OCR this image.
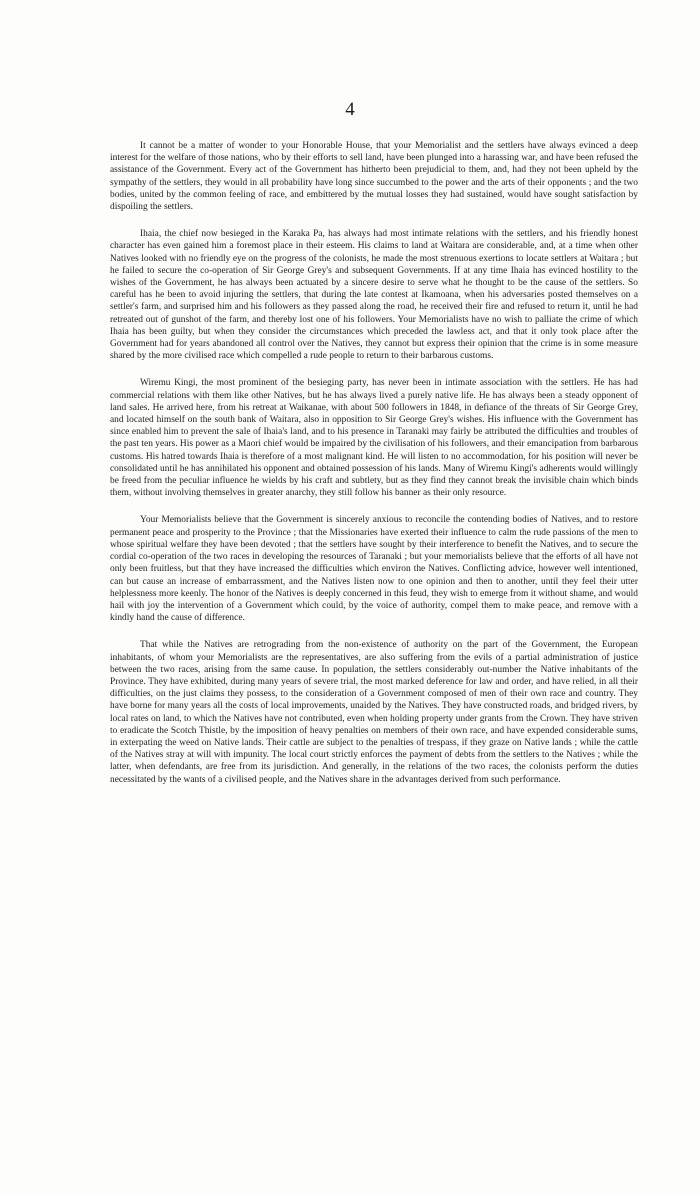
4

It cannot be a matter of wonder to your Honorable House, that your Memorialist and the settlers have always evinced a deep interest for the welfare of those nations, who by their efforts to sell land, have been plunged into a harassing war, and have been refused the assistance of the Government. Every act of the Government has hitherto been prejudicial to them, and, had they not been upheld by the sympathy of the settlers, they would in all probability have long since succumbed to the power and the arts of their opponents ; and the two bodies, united by the common feeling of race, and embittered by the mutual losses they had sustained, would have sought satisfaction by dispoiling the settlers.

Ihaia, the chief now besieged in the Karaka Pa, has always had most intimate relations with the settlers, and his friendly honest character has even gained him a foremost place in their esteem. His claims to land at Waitara are considerable, and, at a time when other Natives looked with no friendly eye on the progress of the colonists, he made the most strenuous exertions to locate settlers at Waitara ; but he failed to secure the co-operation of Sir George Grey's and subsequent Governments. If at any time Ihaia has evinced hostility to the wishes of the Government, he has always been actuated by a sincere desire to serve what he thought to be the cause of the settlers. So careful has he been to avoid injuring the settlers, that during the late contest at Ikamoana, when his adversaries posted themselves on a settler's farm, and surprised him and his followers as they passed along the road, he received their fire and refused to return it, until he had retreated out of gunshot of the farm, and thereby lost one of his followers. Your Memorialists have no wish to palliate the crime of which Ihaia has been guilty, but when they consider the circumstances which preceded the lawless act, and that it only took place after the Government had for years abandoned all control over the Natives, they cannot but express their opinion that the crime is in some measure shared by the more civilised race which compelled a rude people to return to their barbarous customs.

Wiremu Kingi, the most prominent of the besieging party, has never been in intimate association with the settlers. He has had commercial relations with them like other Natives, but he has always lived a purely native life. He has always been a steady opponent of land sales. He arrived here, from his retreat at Waikanae, with about 500 followers in 1848, in defiance of the threats of Sir George Grey, and located himself on the south bank of Waitara, also in opposition to Sir George Grey's wishes. His influence with the Government has since enabled him to prevent the sale of Ihaia's land, and to his presence in Taranaki may fairly be attributed the difficulties and troubles of the past ten years. His power as a Maori chief would be impaired by the civilisation of his followers, and their emancipation from barbarous customs. His hatred towards Ihaia is therefore of a most malignant kind. He will listen to no accommodation, for his position will never be consolidated until he has annihilated his opponent and obtained possession of his lands. Many of Wiremu Kingi's adherents would willingly be freed from the peculiar influence he wields by his craft and subtlety, but as they find they cannot break the invisible chain which binds them, without involving themselves in greater anarchy, they still follow his banner as their only resource.

Your Memorialists believe that the Government is sincerely anxious to reconcile the contending bodies of Natives, and to restore permanent peace and prosperity to the Province ; that the Missionaries have exerted their influence to calm the rude passions of the men to whose spiritual welfare they have been devoted ; that the settlers have sought by their interference to benefit the Natives, and to secure the cordial co-operation of the two races in developing the resources of Taranaki ; but your memorialists believe that the efforts of all have not only been fruitless, but that they have increased the difficulties which environ the Natives. Conflicting advice, however well intentioned, can but cause an increase of embarrassment, and the Natives listen now to one opinion and then to another, until they feel their utter helplessness more keenly. The honor of the Natives is deeply concerned in this feud, they wish to emerge from it without shame, and would hail with joy the intervention of a Government which could, by the voice of authority, compel them to make peace, and remove with a kindly hand the cause of difference.

That while the Natives are retrograding from the non-existence of authority on the part of the Government, the European inhabitants, of whom your Memorialists are the representatives, are also suffering from the evils of a partial administration of justice between the two races, arising from the same cause. In population, the settlers considerably out-number the Native inhabitants of the Province. They have exhibited, during many years of severe trial, the most marked deference for law and order, and have relied, in all their difficulties, on the just claims they possess, to the consideration of a Government composed of men of their own race and country. They have borne for many years all the costs of local improvements, unaided by the Natives. They have constructed roads, and bridged rivers, by local rates on land, to which the Natives have not contributed, even when holding property under grants from the Crown. They have striven to eradicate the Scotch Thistle, by the imposition of heavy penalties on members of their own race, and have expended considerable sums, in exterpating the weed on Native lands. Their cattle are subject to the penalties of trespass, if they graze on Native lands ; while the cattle of the Natives stray at will with impunity. The local court strictly enforces the payment of debts from the settlers to the Natives ; while the latter, when defendants, are free from its jurisdiction. And generally, in the relations of the two races, the colonists perform the duties necessitated by the wants of a civilised people, and the Natives share in the advantages derived from such performance.
